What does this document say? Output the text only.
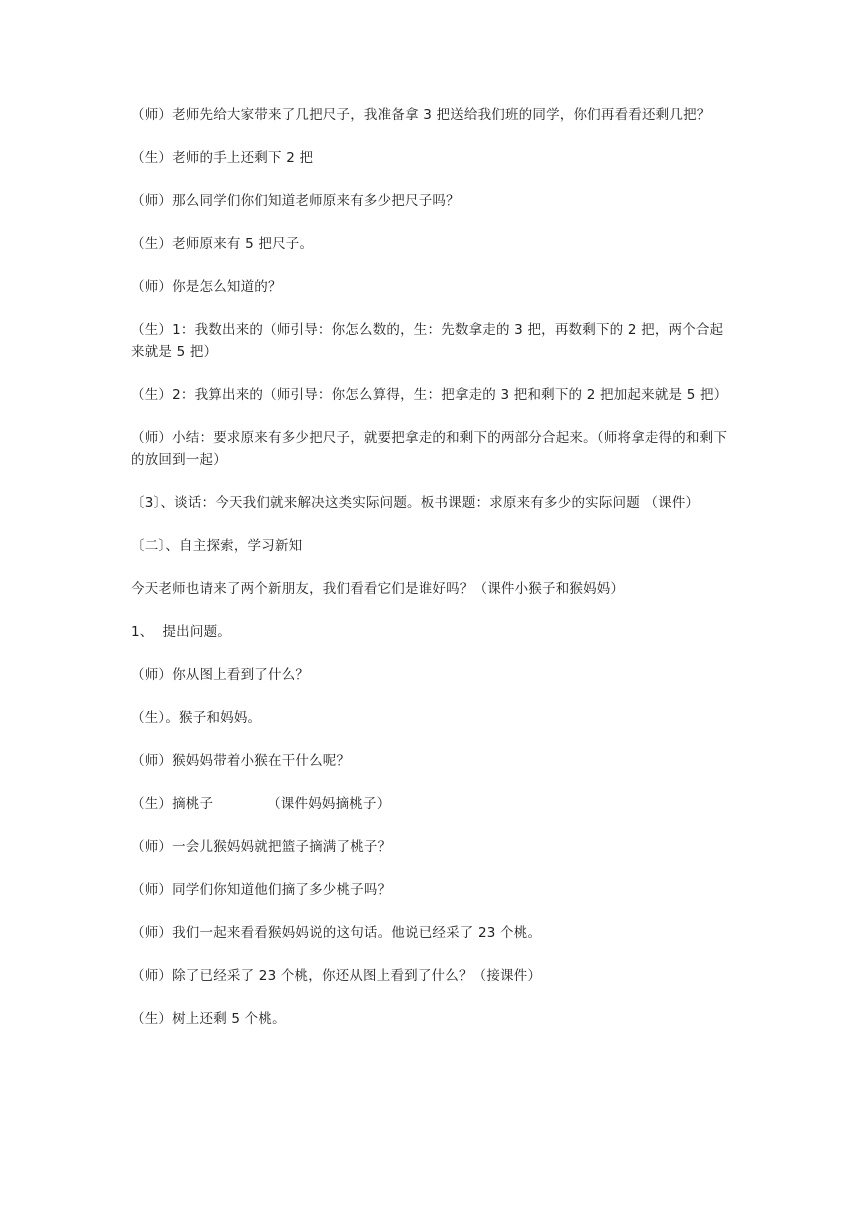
（师）老师先给大家带来了几把尺子，我准备拿 3 把送给我们班的同学，你们再看看还剩几把？

（生）老师的手上还剩下 2 把

（师）那么同学们你们知道老师原来有多少把尺子吗？

（生）老师原来有 5 把尺子。

（师）你是怎么知道的？

（生）1：我数出来的（师引导：你怎么数的，生：先数拿走的 3 把，再数剩下的 2 把，两个合起来就是 5 把）

（生）2：我算出来的（师引导：你怎么算得，生：把拿走的 3 把和剩下的 2 把加起来就是 5 把）

（师）小结：要求原来有多少把尺子，就要把拿走的和剩下的两部分合起来。（师将拿走得的和剩下的放回到一起）

〔3〕、谈话：今天我们就来解决这类实际问题。板书课题：求原来有多少的实际问题 （课件）

〔二〕、自主探索，学习新知

今天老师也请来了两个新朋友，我们看看它们是谁好吗？（课件小猴子和猴妈妈）

1、  提出问题。

（师）你从图上看到了什么？

（生）。猴子和妈妈。

（师）猴妈妈带着小猴在干什么呢？

（生）摘桃子            （课件妈妈摘桃子）

（师）一会儿猴妈妈就把篮子摘满了桃子？

（师）同学们你知道他们摘了多少桃子吗？

（师）我们一起来看看猴妈妈说的这句话。他说已经采了 23 个桃。

（师）除了已经采了 23 个桃，你还从图上看到了什么？（接课件）

（生）树上还剩 5 个桃。
